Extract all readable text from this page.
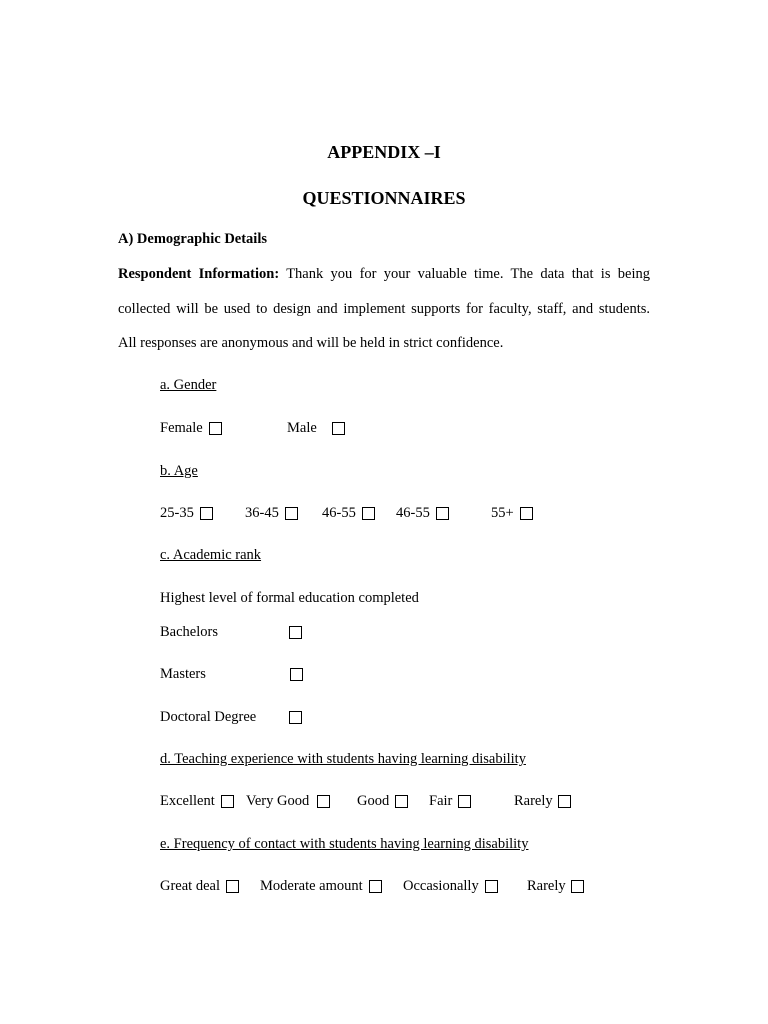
APPENDIX –I
QUESTIONNAIRES
A) Demographic Details
Respondent Information: Thank you for your valuable time. The data that is being
collected will be used to design and implement supports for faculty, staff, and students.
All responses are anonymous and will be held in strict confidence.
a. Gender
Female	Male
b. Age
25-35	36-45	46-55	46-55	55+
c. Academic rank
Highest level of formal education completed
Bachelors
Masters
Doctoral Degree
d. Teaching experience with students having learning disability
Excellent Very Good	Good	Fair	Rarely
e. Frequency of contact with students having learning disability
Great deal	Moderate amount	Occasionally	Rarely
